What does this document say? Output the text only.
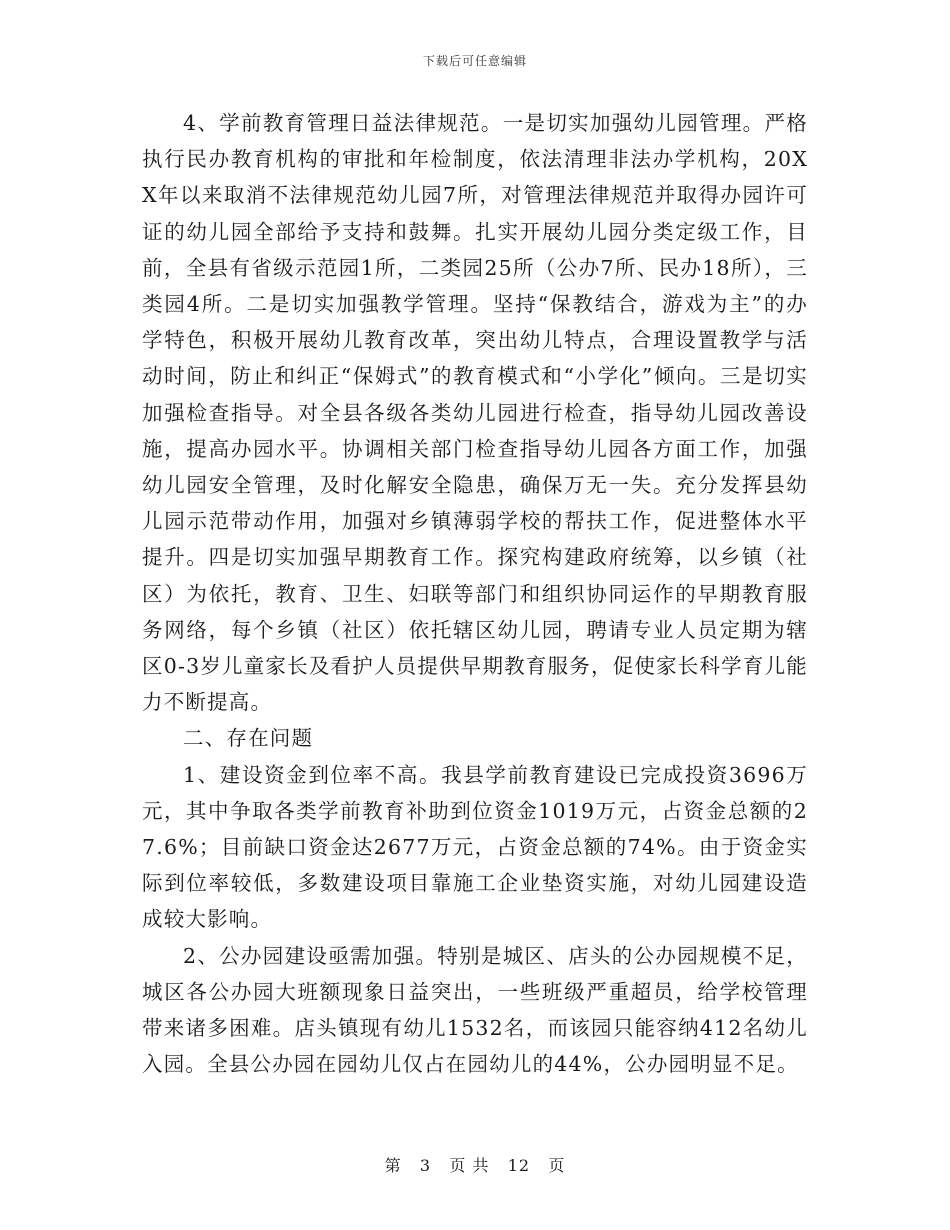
下载后可任意编辑

4、学前教育管理日益法律规范。一是切实加强幼儿园管理。严格执行民办教育机构的审批和年检制度，依法清理非法办学机构，20XX年以来取消不法律规范幼儿园7所，对管理法律规范并取得办园许可证的幼儿园全部给予支持和鼓舞。扎实开展幼儿园分类定级工作，目前，全县有省级示范园1所，二类园25所（公办7所、民办18所），三类园4所。二是切实加强教学管理。坚持“保教结合，游戏为主”的办学特色，积极开展幼儿教育改革，突出幼儿特点，合理设置教学与活动时间，防止和纠正“保姆式”的教育模式和“小学化”倾向。三是切实加强检查指导。对全县各级各类幼儿园进行检查，指导幼儿园改善设施，提高办园水平。协调相关部门检查指导幼儿园各方面工作，加强幼儿园安全管理，及时化解安全隐患，确保万无一失。充分发挥县幼儿园示范带动作用，加强对乡镇薄弱学校的帮扶工作，促进整体水平提升。四是切实加强早期教育工作。探究构建政府统筹，以乡镇（社区）为依托，教育、卫生、妇联等部门和组织协同运作的早期教育服务网络，每个乡镇（社区）依托辖区幼儿园，聘请专业人员定期为辖区0-3岁儿童家长及看护人员提供早期教育服务，促使家长科学育儿能力不断提高。

二、存在问题

1、建设资金到位率不高。我县学前教育建设已完成投资3696万元，其中争取各类学前教育补助到位资金1019万元，占资金总额的27.6%；目前缺口资金达2677万元，占资金总额的74%。由于资金实际到位率较低，多数建设项目靠施工企业垫资实施，对幼儿园建设造成较大影响。

2、公办园建设亟需加强。特别是城区、店头的公办园规模不足，城区各公办园大班额现象日益突出，一些班级严重超员，给学校管理带来诸多困难。店头镇现有幼儿1532名，而该园只能容纳412名幼儿入园。全县公办园在园幼儿仅占在园幼儿的44%，公办园明显不足。

第 3 页 共 12 页
